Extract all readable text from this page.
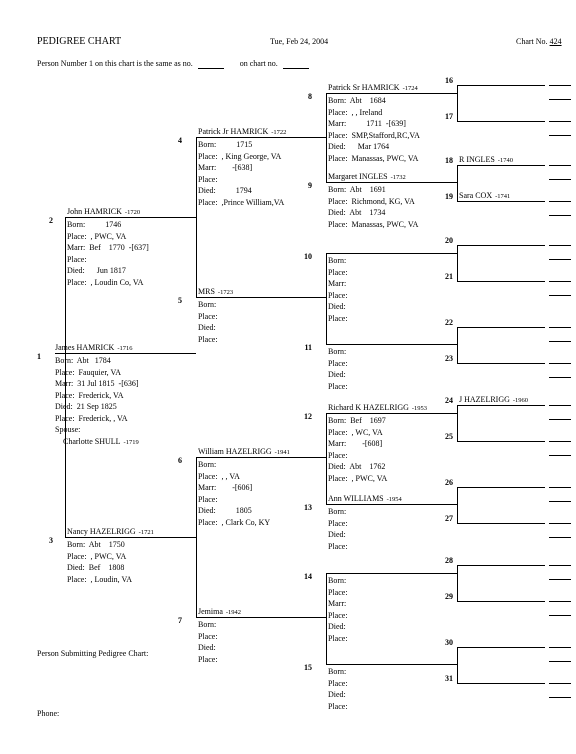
PEDIGREE CHART	Tue, Feb 24, 2004	Chart No. 424
Person Number 1 on this chart is the same as no.	on chart no.
1
James HAMRICK -1716
Born:  Abt   1784
Place:  Fauquier, VA
Marr:  31 Jul 1815  -[636]
Place:  Frederick, VA
Died:  21 Sep 1825
Place:  Frederick, , VA
Spouse:
Charlotte SHULL -1719
2
John HAMRICK -1720
Born:          1746
Place:  , PWC, VA
Marr:  Bef    1770  -[637]
Place:
Died:      Jun 1817
Place:  , Loudin Co, VA
3
Nancy HAZELRIGG -1721
Born:  Abt    1750
Place:  , PWC, VA
Died:  Bef    1808
Place:  , Loudin, VA
4
Patrick Jr HAMRICK -1722
Born:          1715
Place:  , King George, VA
Marr:        -[638]
Place:
Died:          1794
Place:  ,Prince William,VA
5
MRS -1723
Born:
Place:
Died:
Place:
6
William HAZELRIGG -1941
Born:
Place:  , , VA
Marr:        -[606]
Place:
Died:          1805
Place:  , Clark Co, KY
7
Jemima -1942
Born:
Place:
Died:
Place:
8
Patrick Sr HAMRICK -1724
Born:  Abt    1684
Place:  , , Ireland
Marr:          1711  -[639]
Place:  SMP,Stafford,RC,VA
Died:      Mar 1764
Place:  Manassas, PWC, VA
9
Margaret INGLES -1732
Born:  Abt    1691
Place:  Richmond, KG, VA
Died:  Abt    1734
Place:  Manassas, PWC, VA
10 Born:
Place:
Marr:
Place:
Died:
Place:
11 Born:
Place:
Died:
Place:
12
Richard K HAZELRIGG -1953
Born:  Bef    1697
Place:  , WC, VA
Marr:        -[608]
Place:
Died:  Abt    1762
Place:  , PWC, VA
13
Ann WILLIAMS -1954
Born:
Place:
Died:
Place:
14 Born:
Place:
Marr:
Place:
Died:
Place:
15 Born:
Place:
Died:
Place:
16
17
18 R INGLES -1740
19 Sara COX -1741
20
21
22
23
24 J HAZELRIGG -1960
25
26
27
28
29
30
31
Person Submitting Pedigree Chart:
Phone:
